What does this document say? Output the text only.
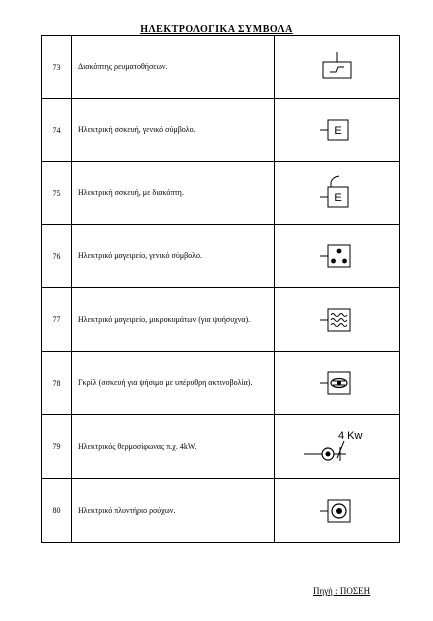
ΗΛΕΚΤΡΟΛΟΓΙΚΑ ΣΥΜΒΟΛΑ
73	Διακόπτης ρευματοθήσεων.	

74	Ηλεκτρική σσκευή, γενικό σύμβολο.	E

75	Ηλεκτρική σσκευή, με διακόπτη.	E

76	Ηλεκτρικό μαγειρείο, γενικό σύμβολο.	

77	Ηλεκτρικό μαγειρείο, μικροκυμάτων (για ψυήσυχνα).	

78	Γκρίλ (σσκευή για ψήσιμο με υπέρυθρη ακτινοβολία).	

79	Ηλεκτρικός θερμοσίφωνας π.χ. 4kW.	4 Kw

80	Ηλεκτρικό πλυντήριο ρούχων.	
Πηγή : ΠΟΣΕΗ
